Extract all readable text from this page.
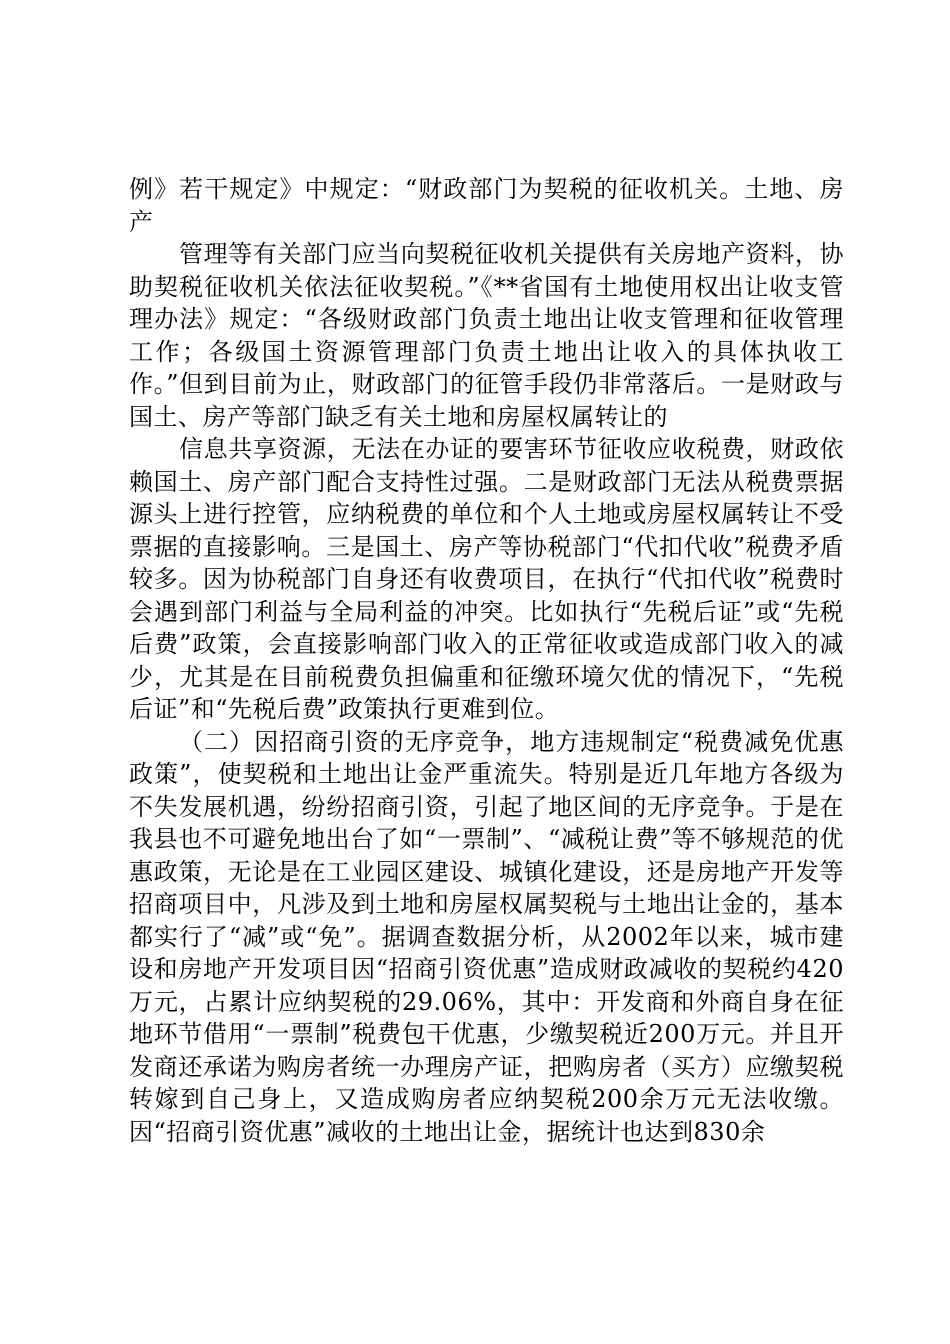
例》若干规定》中规定：“财政部门为契税的征收机关。土地、房产

管理等有关部门应当向契税征收机关提供有关房地产资料，协助契税征收机关依法征收契税。”《**省国有土地使用权出让收支管理办法》规定：“各级财政部门负责土地出让收支管理和征收管理工作；各级国土资源管理部门负责土地出让收入的具体执收工作。”但到目前为止，财政部门的征管手段仍非常落后。一是财政与国土、房产等部门缺乏有关土地和房屋权属转让的

信息共享资源，无法在办证的要害环节征收应收税费，财政依赖国土、房产部门配合支持性过强。二是财政部门无法从税费票据源头上进行控管，应纳税费的单位和个人土地或房屋权属转让不受票据的直接影响。三是国土、房产等协税部门“代扣代收”税费矛盾较多。因为协税部门自身还有收费项目，在执行“代扣代收”税费时会遇到部门利益与全局利益的冲突。比如执行“先税后证”或“先税后费”政策，会直接影响部门收入的正常征收或造成部门收入的减少，尤其是在目前税费负担偏重和征缴环境欠优的情况下，“先税后证”和“先税后费”政策执行更难到位。

（二）因招商引资的无序竞争，地方违规制定“税费减免优惠政策”，使契税和土地出让金严重流失。特别是近几年地方各级为不失发展机遇，纷纷招商引资，引起了地区间的无序竞争。于是在我县也不可避免地出台了如“一票制”、“减税让费”等不够规范的优惠政策，无论是在工业园区建设、城镇化建设，还是房地产开发等招商项目中，凡涉及到土地和房屋权属契税与土地出让金的，基本都实行了“减”或“免”。据调查数据分析，从2002年以来，城市建设和房地产开发项目因“招商引资优惠”造成财政减收的契税约420万元，占累计应纳契税的29.06%，其中：开发商和外商自身在征地环节借用“一票制”税费包干优惠，少缴契税近200万元。并且开发商还承诺为购房者统一办理房产证，把购房者（买方）应缴契税转嫁到自己身上，又造成购房者应纳契税200余万元无法收缴。因“招商引资优惠”减收的土地出让金，据统计也达到830余
